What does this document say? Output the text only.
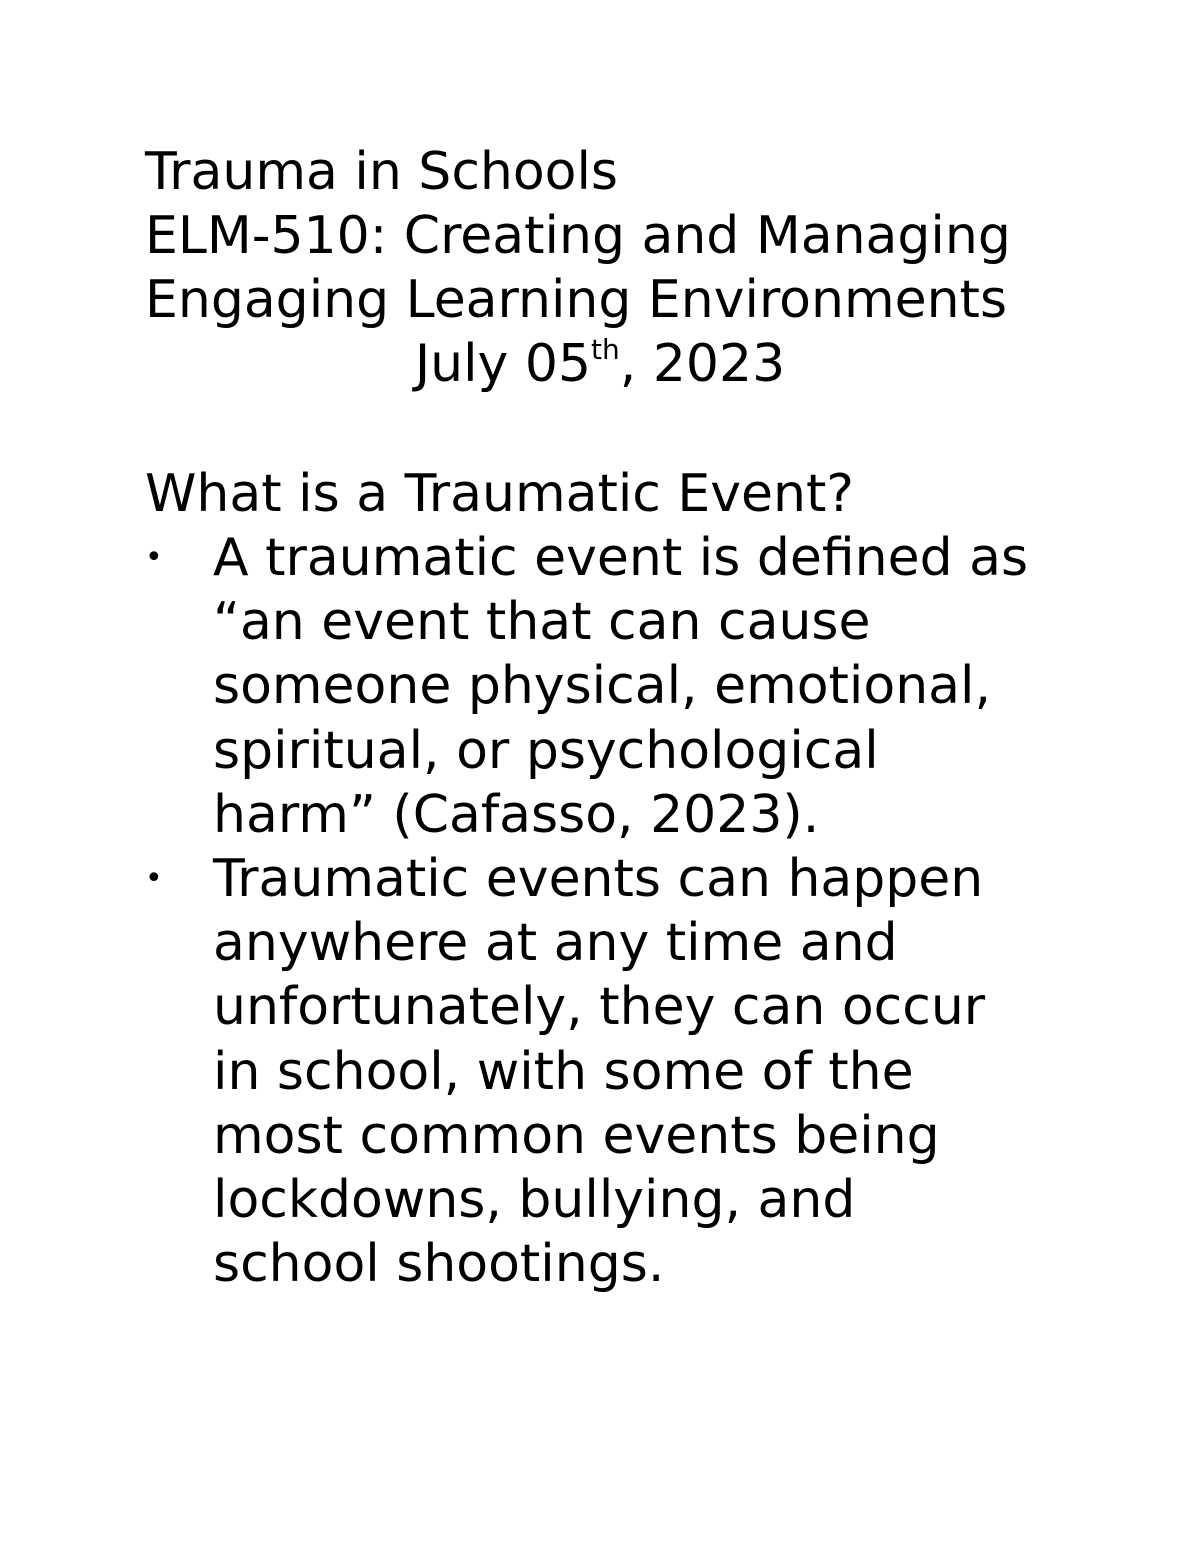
Trauma in Schools
ELM-510: Creating and Managing
Engaging Learning Environments
July 05th, 2023
What is a Traumatic Event?
• A traumatic event is defined as “an event that can cause someone physical, emotional, spiritual, or psychological harm” (Cafasso, 2023).
• Traumatic events can happen anywhere at any time and unfortunately, they can occur in school, with some of the most common events being lockdowns, bullying, and school shootings.
